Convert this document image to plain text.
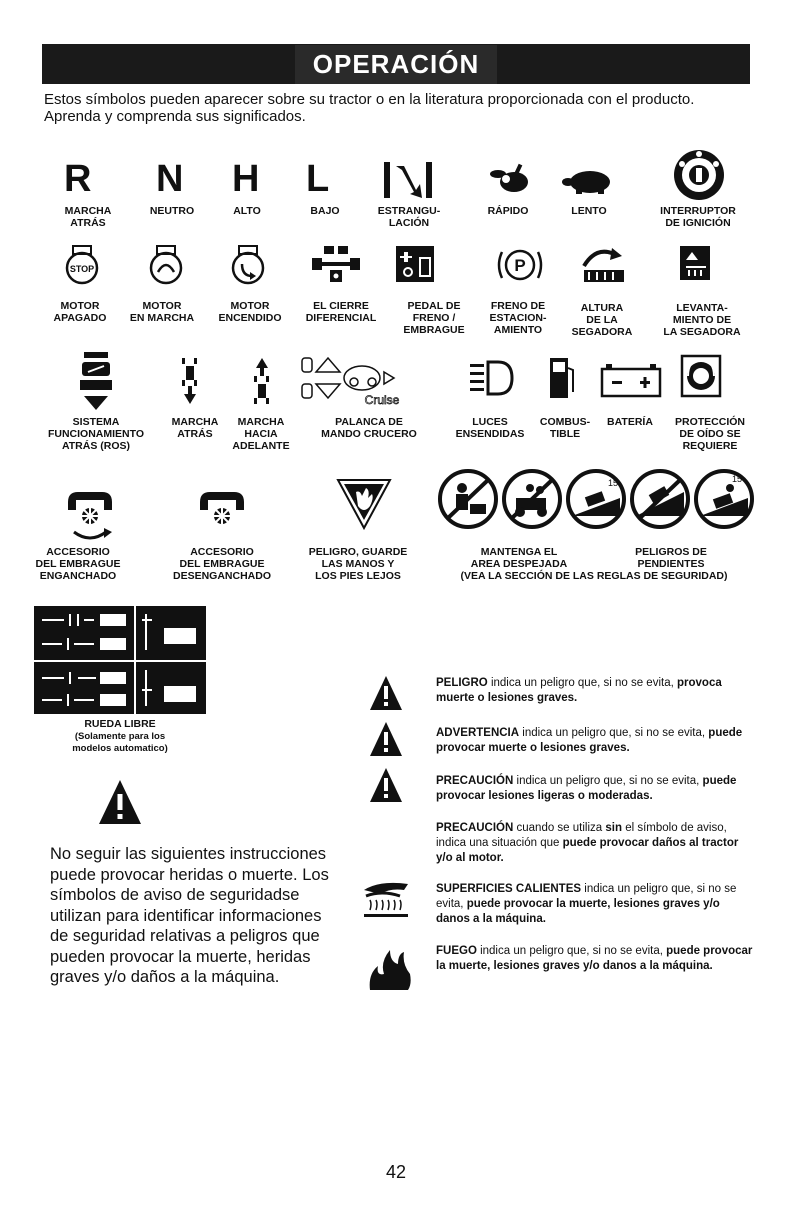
OPERACIÓN
Estos símbolos pueden aparecer sobre su tractor o en la literatura proporcionada con el producto. Aprenda y comprenda sus significados.
R N H L
MARCHA
ATRÁS
NEUTRO	ALTO	BAJO	ESTRANGU-
LACIÓN
RÁPIDO	LENTO	INTERRUPTOR
DE IGNICIÓN
STOP	P
MOTOR
APAGADO
MOTOR
EN MARCHA
MOTOR
ENCENDIDO
EL CIERRE
DIFERENCIAL
PEDAL DE
FRENO /
EMBRAGUE
FRENO DE
ESTACION-
AMIENTO
ALTURA
DE LA
SEGADORA
LEVANTA-
MIENTO DE
LA SEGADORA
Cruise
SISTEMA
FUNCIONAMIENTO
ATRÁS (ROS)
MARCHA
ATRÁS
MARCHA
HACIA
ADELANTE
PALANCA DE
MANDO CRUCERO
LUCES
ENSENDIDAS
COMBUS-
TIBLE
BATERÍA	PROTECCIÓN
DE OÍDO SE
REQUIERE
15	15
ACCESORIO
DEL EMBRAGUE
ENGANCHADO
ACCESORIO
DEL EMBRAGUE
DESENGANCHADO
PELIGRO, GUARDE
LAS MANOS Y
LOS PIES LEJOS
MANTENGA EL
AREA DESPEJADA
PELIGROS DE
PENDIENTES
(VEA LA SECCIÓN DE LAS REGLAS DE SEGURIDAD)
RUEDA LIBRE
(Solamente para los
modelos automatico)
No seguir las siguientes instrucciones puede provocar heridas o muerte. Los símbolos de aviso de seguridadse utilizan para identificar informaciones de seguridad relativas a peligros que pueden provocar la muerte, heridas graves y/o daños a la máquina.
PELIGRO indica un peligro que, si no se evita, provoca muerte o lesiones graves.
ADVERTENCIA indica un peligro que, si no se evita, puede provocar muerte o lesiones graves.
PRECAUCIÓN indica un peligro que, si no se evita, puede provocar lesiones ligeras o moderadas.
PRECAUCIÓN cuando se utiliza sin el símbolo de aviso, indica una situación que puede provocar daños al tractor y/o al motor.
SUPERFICIES CALIENTES indica un peligro que, si no se evita, puede provocar la muerte, lesiones graves y/o danos a la máquina.
FUEGO indica un peligro que, si no se evita, puede provocar la muerte, lesiones graves y/o danos a la máquina.
42
